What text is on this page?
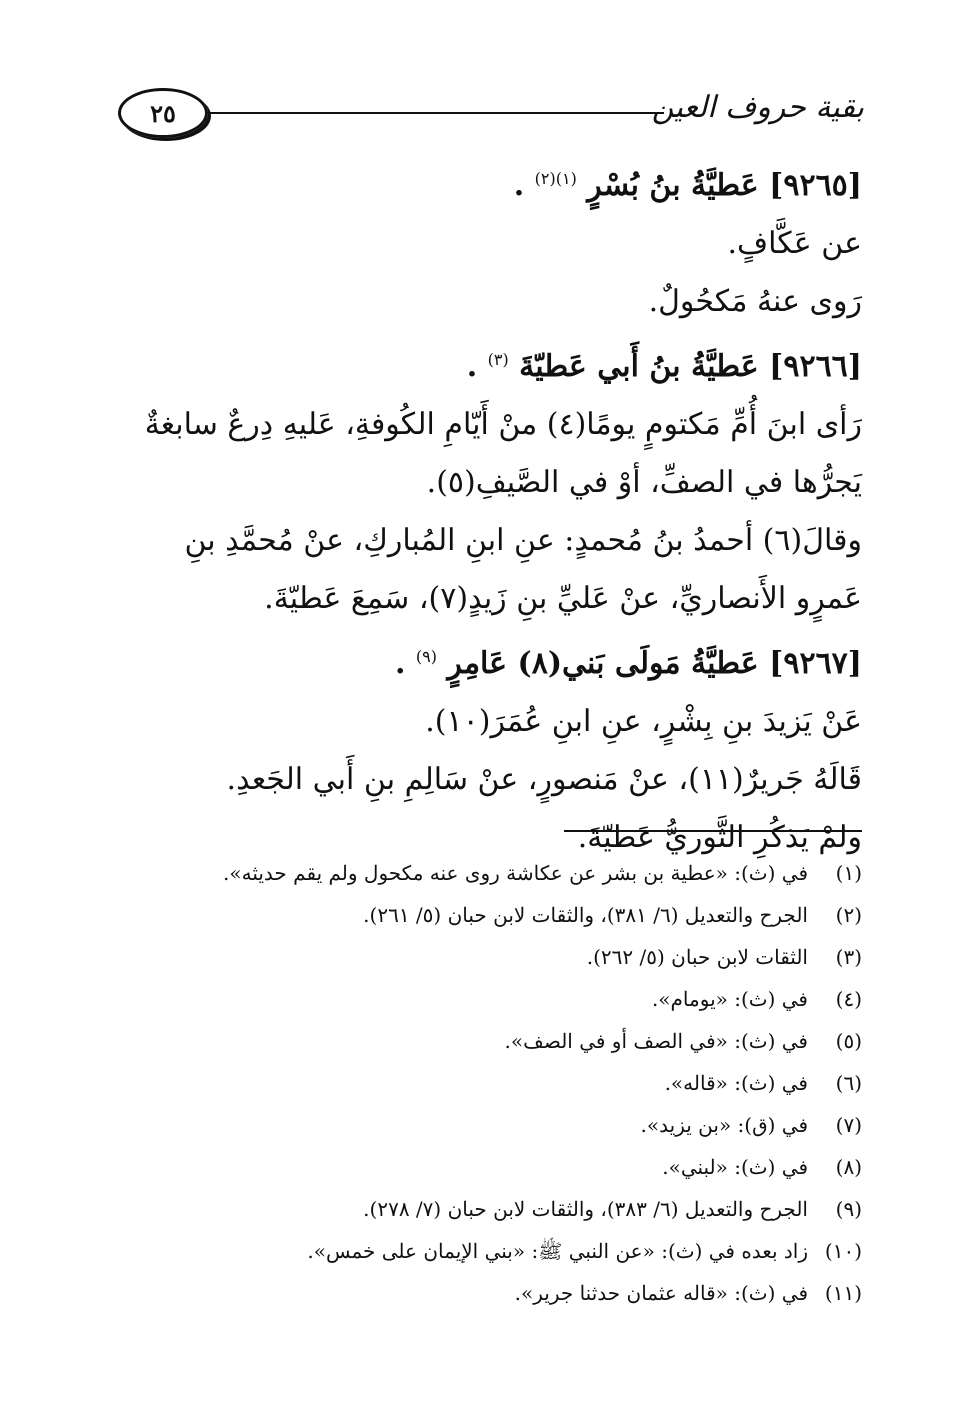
٢٥	بقية حروف العين

[٩٢٦٥] عَطيَّةُ بنُ بُسْرٍ $^{(١)(٢)}$ .

عن عَكَّافٍ.

رَوى عنهُ مَكحُولٌ.

[٩٢٦٦] عَطيَّةُ بنُ أَبي عَطيّةَ $^{(٣)}$ .

رَأى ابنَ أُمِّ مَكتومٍ يومًا(٤) منْ أَيّامِ الكُوفةِ، عَليهِ دِرعٌ سابغةٌ يَجرُّها في الصفِّ، أوْ في الصَّيفِ(٥).

وقالَ(٦) أحمدُ بنُ مُحمدٍ: عنِ ابنِ المُباركِ، عنْ مُحمَّدِ بنِ عَمرٍو الأَنصاريِّ، عنْ عَليِّ بنِ زَيدٍ(٧)، سَمِعَ عَطيّةَ.

[٩٢٦٧] عَطيَّةُ مَولَى بَني(٨) عَامِرٍ $^{(٩)}$ .

عَنْ يَزيدَ بنِ بِشْرٍ، عنِ ابنِ عُمَرَ(١٠).

قَالَهُ جَريرٌ(١١)، عنْ مَنصورٍ، عنْ سَالِمِ بنِ أَبي الجَعدِ.

ولمْ يَذكُرِ الثَّوريُّ عَطيّةَ.

(١)
في (ث): «عطية بن بشر عن عكاشة روى عنه مكحول ولم يقم حديثه».
(٢)
الجرح والتعديل (٦/ ٣٨١)، والثقات لابن حبان (٥/ ٢٦١).
(٣)
الثقات لابن حبان (٥/ ٢٦٢).
(٤)
في (ث): «يومام».
(٥)
في (ث): «في الصف أو في الصف».
(٦)
في (ث): «قاله».
(٧)
في (ق): «بن يزيد».
(٨)
في (ث): «لبني».
(٩)
الجرح والتعديل (٦/ ٣٨٣)، والثقات لابن حبان (٧/ ٢٧٨).
(١٠)
زاد بعده في (ث): «عن النبي ﷺ: «بني الإيمان على خمس».
(١١)
في (ث): «قاله عثمان حدثنا جرير».
